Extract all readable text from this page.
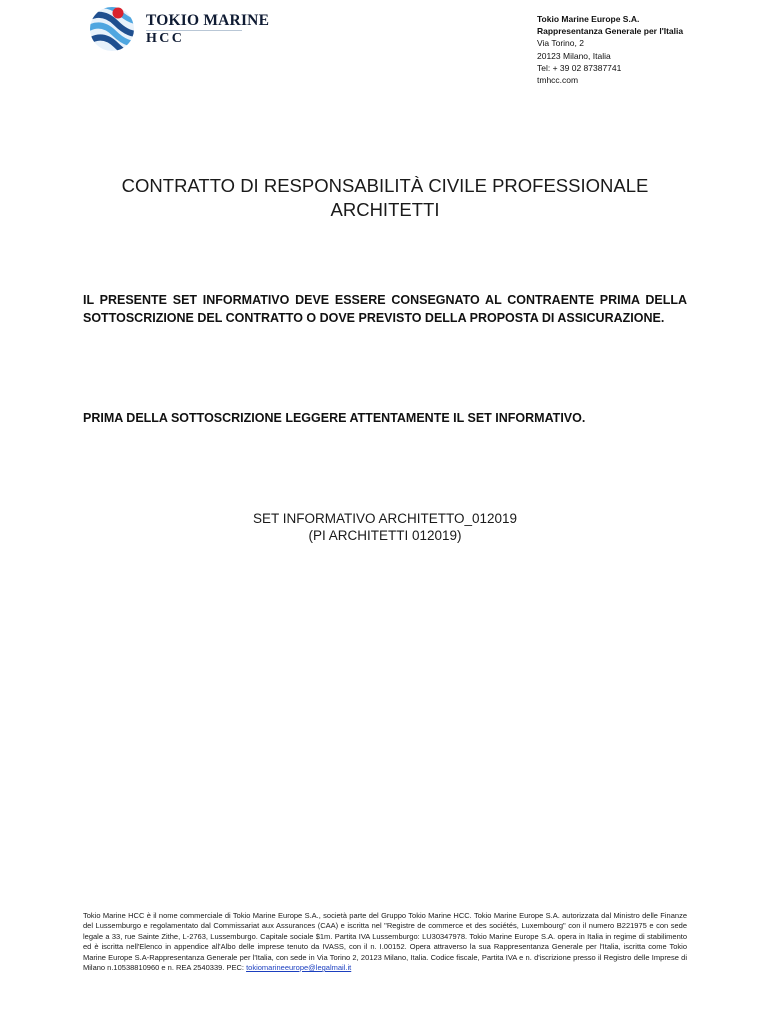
TOKIO MARINE
HCC
Tokio Marine Europe S.A.
Rappresentanza Generale per l'Italia
Via Torino, 2
20123 Milano, Italia
Tel: + 39 02 87387741
tmhcc.com
CONTRATTO DI RESPONSABILITÀ CIVILE PROFESSIONALE
ARCHITETTI
IL PRESENTE SET INFORMATIVO DEVE ESSERE CONSEGNATO AL CONTRAENTE PRIMA DELLA SOTTOSCRIZIONE DEL CONTRATTO O DOVE PREVISTO DELLA PROPOSTA DI ASSICURAZIONE.
PRIMA DELLA SOTTOSCRIZIONE LEGGERE ATTENTAMENTE IL SET INFORMATIVO.
SET INFORMATIVO ARCHITETTO_012019
(PI ARCHITETTI 012019)
Tokio Marine HCC è il nome commerciale di Tokio Marine Europe S.A., società parte del Gruppo Tokio Marine HCC. Tokio Marine Europe S.A. autorizzata dal Ministro delle Finanze del Lussemburgo e regolamentato dal Commissariat aux Assurances (CAA) e iscritta nel "Registre de commerce et des sociétés, Luxembourg" con il numero B221975 e con sede legale a 33, rue Sainte Zithe, L-2763, Lussemburgo. Capitale sociale $1m. Partita IVA Lussemburgo: LU30347978. Tokio Marine Europe S.A. opera in Italia in regime di stabilimento ed è iscritta nell'Elenco in appendice all'Albo delle imprese tenuto da IVASS, con il n. I.00152. Opera attraverso la sua Rappresentanza Generale per l'Italia, iscritta come Tokio Marine Europe S.A-Rappresentanza Generale per l'Italia, con sede in Via Torino 2, 20123 Milano, Italia. Codice fiscale, Partita IVA e n. d'iscrizione presso il Registro delle Imprese di Milano n.10538810960 e n. REA 2540339. PEC: tokiomarineeurope@legalmail.it
